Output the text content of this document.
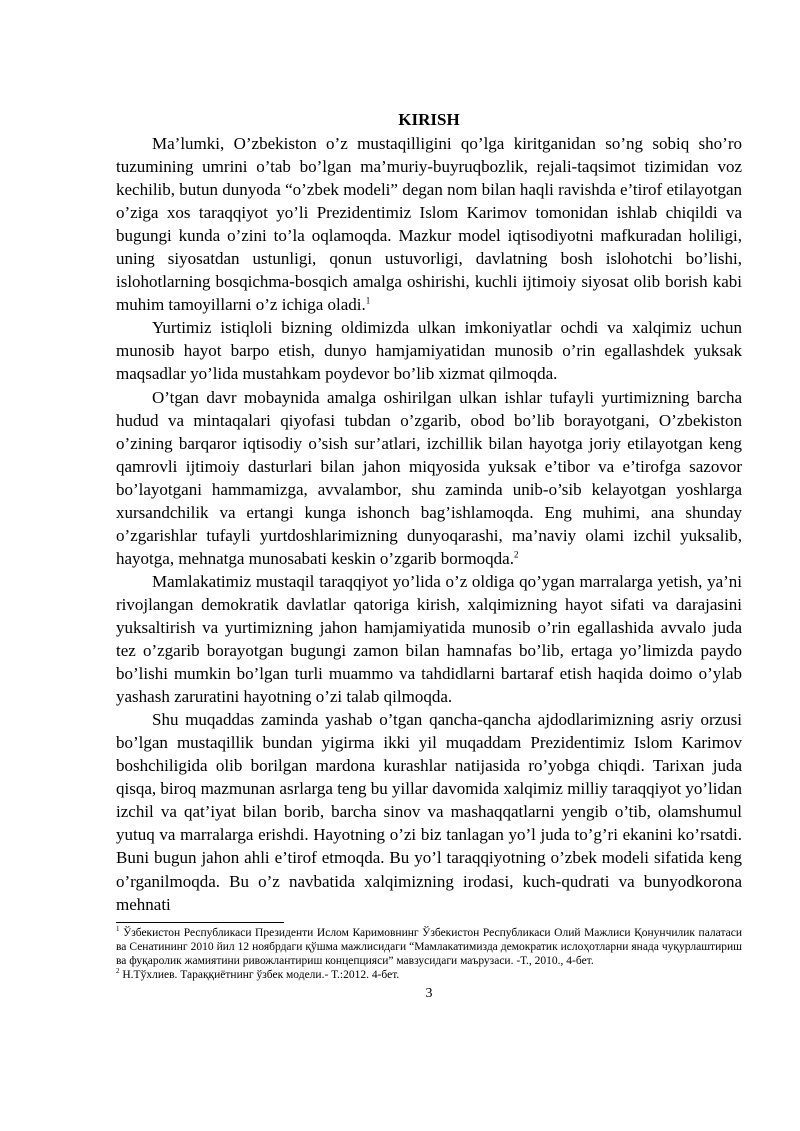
KIRISH

Ma’lumki, O’zbekiston o’z mustaqilligini qo’lga kiritganidan so’ng sobiq sho’ro tuzumining umrini o’tab bo’lgan ma’muriy-buyruqbozlik, rejali-taqsimot tizimidan voz kechilib, butun dunyoda “o’zbek modeli” degan nom bilan haqli ravishda e’tirof etilayotgan o’ziga xos taraqqiyot yo’li Prezidentimiz Islom Karimov tomonidan ishlab chiqildi va bugungi kunda o’zini to’la oqlamoqda. Mazkur model iqtisodiyotni mafkuradan holiligi, uning siyosatdan ustunligi, qonun ustuvorligi, davlatning bosh islohotchi bo’lishi, islohotlarning bosqichma-bosqich amalga oshirishi, kuchli ijtimoiy siyosat olib borish kabi muhim tamoyillarni o’z ichiga oladi.$^1$

Yurtimiz istiqloli bizning oldimizda ulkan imkoniyatlar ochdi va xalqimiz uchun munosib hayot barpo etish, dunyo hamjamiyatidan munosib o’rin egallashdek yuksak maqsadlar yo’lida mustahkam poydevor bo’lib xizmat qilmoqda.

O’tgan davr mobaynida amalga oshirilgan ulkan ishlar tufayli yurtimizning barcha hudud va mintaqalari qiyofasi tubdan o’zgarib, obod bo’lib borayotgani, O’zbekiston o’zining barqaror iqtisodiy o’sish sur’atlari, izchillik bilan hayotga joriy etilayotgan keng qamrovli ijtimoiy dasturlari bilan jahon miqyosida yuksak e’tibor va e’tirofga sazovor bo’layotgani hammamizga, avvalambor, shu zaminda unib-o’sib kelayotgan yoshlarga xursandchilik va ertangi kunga ishonch bag’ishlamoqda. Eng muhimi, ana shunday o’zgarishlar tufayli yurtdoshlarimizning dunyoqarashi, ma’naviy olami izchil yuksalib, hayotga, mehnatga munosabati keskin o’zgarib bormoqda.$^2$

Mamlakatimiz mustaqil taraqqiyot yo’lida o’z oldiga qo’ygan marralarga yetish, ya’ni rivojlangan demokratik davlatlar qatoriga kirish, xalqimizning hayot sifati va darajasini yuksaltirish va yurtimizning jahon hamjamiyatida munosib o’rin egallashida avvalo juda tez o’zgarib borayotgan bugungi zamon bilan hamnafas bo’lib, ertaga yo’limizda paydo bo’lishi mumkin bo’lgan turli muammo va tahdidlarni bartaraf etish haqida doimo o’ylab yashash zaruratini hayotning o’zi talab qilmoqda.

Shu muqaddas zaminda yashab o’tgan qancha-qancha ajdodlarimizning asriy orzusi bo’lgan mustaqillik bundan yigirma ikki yil muqaddam Prezidentimiz Islom Karimov boshchiligida olib borilgan mardona kurashlar natijasida ro’yobga chiqdi. Tarixan juda qisqa, biroq mazmunan asrlarga teng bu yillar davomida xalqimiz milliy taraqqiyot yo’lidan izchil va qat’iyat bilan borib, barcha sinov va mashaqqatlarni yengib o’tib, olamshumul yutuq va marralarga erishdi. Hayotning o’zi biz tanlagan yo’l juda to’g’ri ekanini ko’rsatdi. Buni bugun jahon ahli e’tirof etmoqda. Bu yo’l taraqqiyotning o’zbek modeli sifatida keng o’rganilmoqda. Bu o’z navbatida xalqimizning irodasi, kuch-qudrati va bunyodkorona mehnati

$^1$ Ўзбекистон Республикаси Президенти Ислом Каримовнинг Ўзбекистон Республикаси Олий Мажлиси Қонунчилик палатаси ва Сенатининг 2010 йил 12 ноябрдаги қўшма мажлисидаги “Мамлакатимизда демократик ислоҳотларни янада чуқурлаштириш ва фуқаролик жамиятини ривожлантириш концепцияси” мавзусидаги маърузаси. -Т., 2010., 4-бет.

$^2$ Н.Тўхлиев. Тараққиётнинг ўзбек модели.- Т.:2012. 4-бет.

3
